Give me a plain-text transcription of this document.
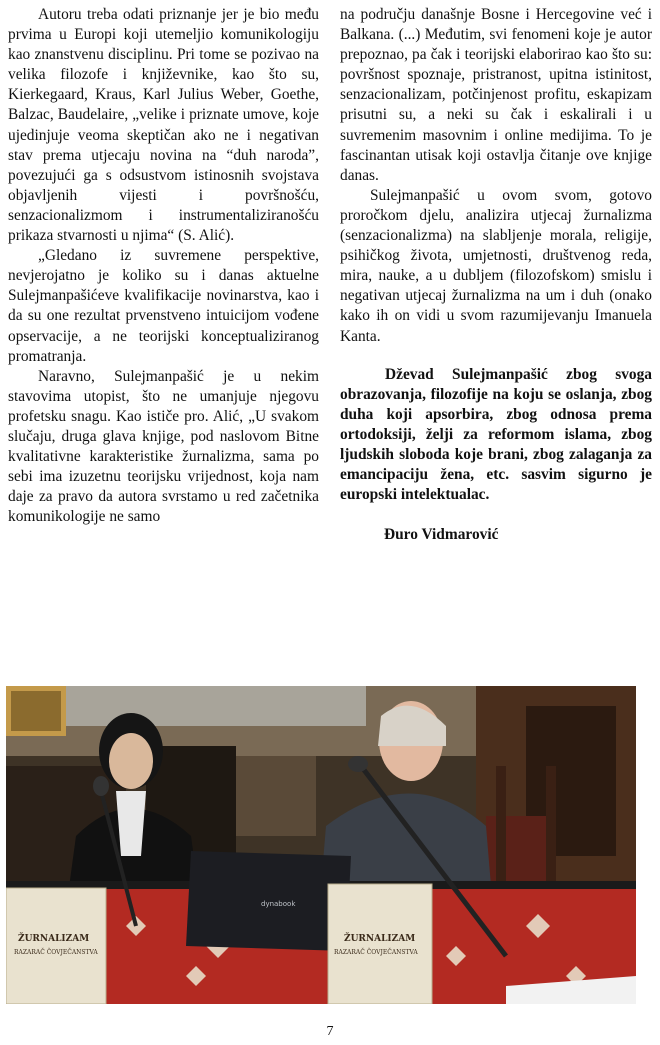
Autoru treba odati priznanje jer je bio među prvima u Europi koji utemeljio komunikologiju kao znanstvenu disciplinu. Pri tome se pozivao na velika filozofe i književnike, kao što su, Kierkegaard, Kraus, Karl Julius Weber, Goethe, Balzac, Baudelaire, „velike i priznate umove, koje ujedinjuje veoma skeptičan ako ne i negativan stav prema utjecaju novina na “duh naroda”, povezujući ga s odsustvom istinosnih svojstava objavljenih vijesti i površnošću, senzacionalizmom i instrumentaliziranošću prikaza stvarnosti u njima“ (S. Alić).

„Gledano iz suvremene perspektive, nevjerojatno je koliko su i danas aktuelne Sulejmanpašićeve kvalifikacije novinarstva, kao i da su one rezultat prvenstveno intuicijom vođene opservacije, a ne teorijski konceptualiziranog promatranja.

Naravno, Sulejmanpašić je u nekim stavovima utopist, što ne umanjuje njegovu profetsku snagu. Kao ističe pro. Alić, „U svakom slučaju, druga glava knjige, pod naslovom Bitne kvalitativne karakteristike žurnalizma, sama po sebi ima izuzetnu teorijsku vrijednost, koja nam daje za pravo da autora svrstamo u red začetnika komunikologije ne samo

na području današnje Bosne i Hercegovine već i Balkana. (...) Međutim, svi fenomeni koje je autor prepoznao, pa čak i teorijski elaborirao kao što su: površnost spoznaje, pristranost, upitna istinitost, senzacionalizam, potčinjenost profitu, eskapizam prisutni su, a neki su čak i eskalirali i u suvremenim masovnim i online medijima. To je fascinantan utisak koji ostavlja čitanje ove knjige danas.

Sulejmanpašić u ovom svom, gotovo proročkom djelu, analizira utjecaj žurnalizma (senzacionalizma) na slabljenje morala, religije, psihičkog života, umjetnosti, društvenog reda, mira, nauke, a u dubljem (filozofskom) smislu i negativan utjecaj žurnalizma na um i duh (onako kako ih on vidi u svom razumijevanju Imanuela Kanta.

Dževad Sulejmanpašić zbog svoga obrazovanja, filozofije na koju se oslanja, zbog duha koji apsorbira, zbog odnosa prema ortodoksiji, želji za reformom islama, zbog ljudskih sloboda koje brani, zbog zalaganja za emancipaciju žena, etc. sasvim sigurno je europski intelektualac.

Đuro Vidmarović
dynabook
ŽURNALIZAM
RAZARAČ ČOVJEČANSTVA
ŽURNALIZAM
RAZARAČ ČOVJEČANSTVA
7
